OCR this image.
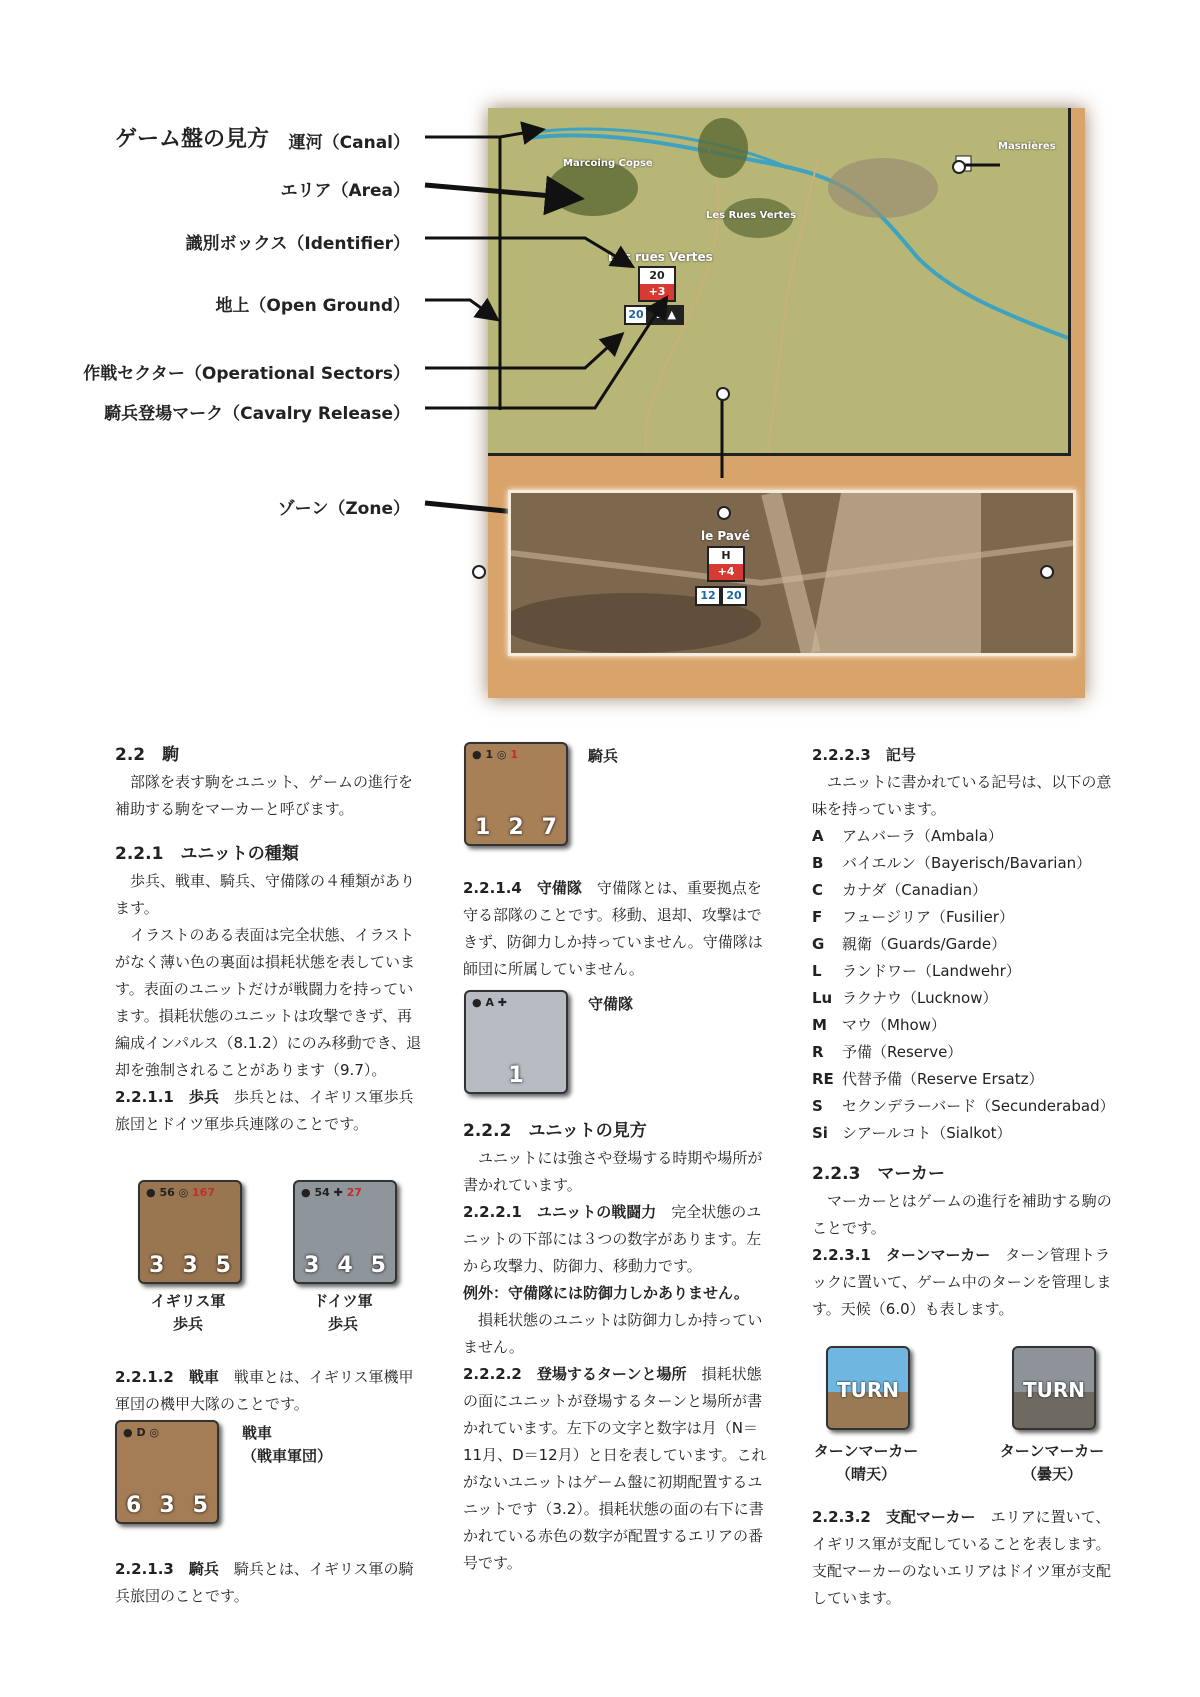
ゲーム盤の見方
Marcoing Copse
Masnières
Les Rues Vertes
Les rues Vertes
20
+3
20	2 ▲
運河（Canal）
エリア（Area）
識別ボックス（Identifier）
地上（Open Ground）
作戦セクター（Operational Sectors）
騎兵登場マーク（Cavalry Release）
ゾーン（Zone）
le Pavé
H
+4
12 20

2.2　駒

部隊を表す駒をユニット、ゲームの進行を補助する駒をマーカーと呼びます。

2.2.1　ユニットの種類

歩兵、戦車、騎兵、守備隊の４種類があります。

イラストのある表面は完全状態、イラストがなく薄い色の裏面は損耗状態を表しています。表面のユニットだけが戦闘力を持っています。損耗状態のユニットは攻撃できず、再編成インパルス（8.1.2）にのみ移動でき、退却を強制されることがあります（9.7）。

2.2.1.1　歩兵　 歩兵とは、イギリス軍歩兵旅団とドイツ軍歩兵連隊のことです。

● 56 ◎ 167
3 3 5
イギリス軍
歩兵
● 54 ✚ 27
3 4 5
ドイツ軍
歩兵

2.2.1.2　戦車　 戦車とは、イギリス軍機甲軍団の機甲大隊のことです。

● D ◎
6 3 5
戦車
（戦車軍団）

2.2.1.3　騎兵　 騎兵とは、イギリス軍の騎兵旅団のことです。

● 1 ◎ 1
1 2 7
騎兵

2.2.1.4　守備隊　 守備隊とは、重要拠点を守る部隊のことです。移動、退却、攻撃はできず、防御力しか持っていません。守備隊は師団に所属していません。

● A ✚
1
守備隊

2.2.2　ユニットの見方

ユニットには強さや登場する時期や場所が書かれています。

2.2.2.1　ユニットの戦闘力　 完全状態のユニットの下部には３つの数字があります。左から攻撃力、防御力、移動力です。

例外：守備隊には防御力しかありません。

損耗状態のユニットは防御力しか持っていません。

2.2.2.2　登場するターンと場所　 損耗状態の面にユニットが登場するターンと場所が書かれています。左下の文字と数字は月（N＝11月、D＝12月）と日を表しています。これがないユニットはゲーム盤に初期配置するユニットです（3.2）。損耗状態の面の右下に書かれている赤色の数字が配置するエリアの番号です。

2.2.2.3　記号

ユニットに書かれている記号は、以下の意味を持っています。

A アムバーラ（Ambala）

B バイエルン（Bayerisch/Bavarian）

C カナダ（Canadian）

F フュージリア（Fusilier）

G 親衛（Guards/Garde）

L ランドワー（Landwehr）

Lu ラクナウ（Lucknow）

M マウ（Mhow）

R 予備（Reserve）

RE 代替予備（Reserve Ersatz）

S セクンデラーバード（Secunderabad）

Si シアールコト（Sialkot）

2.2.3　マーカー

マーカーとはゲームの進行を補助する駒のことです。

2.2.3.1　ターンマーカー　 ターン管理トラックに置いて、ゲーム中のターンを管理します。天候（6.0）も表します。

TURN
ターンマーカー
（晴天）
TURN
ターンマーカー
（曇天）

2.2.3.2　支配マーカー　 エリアに置いて、イギリス軍が支配していることを表します。支配マーカーのないエリアはドイツ軍が支配しています。
